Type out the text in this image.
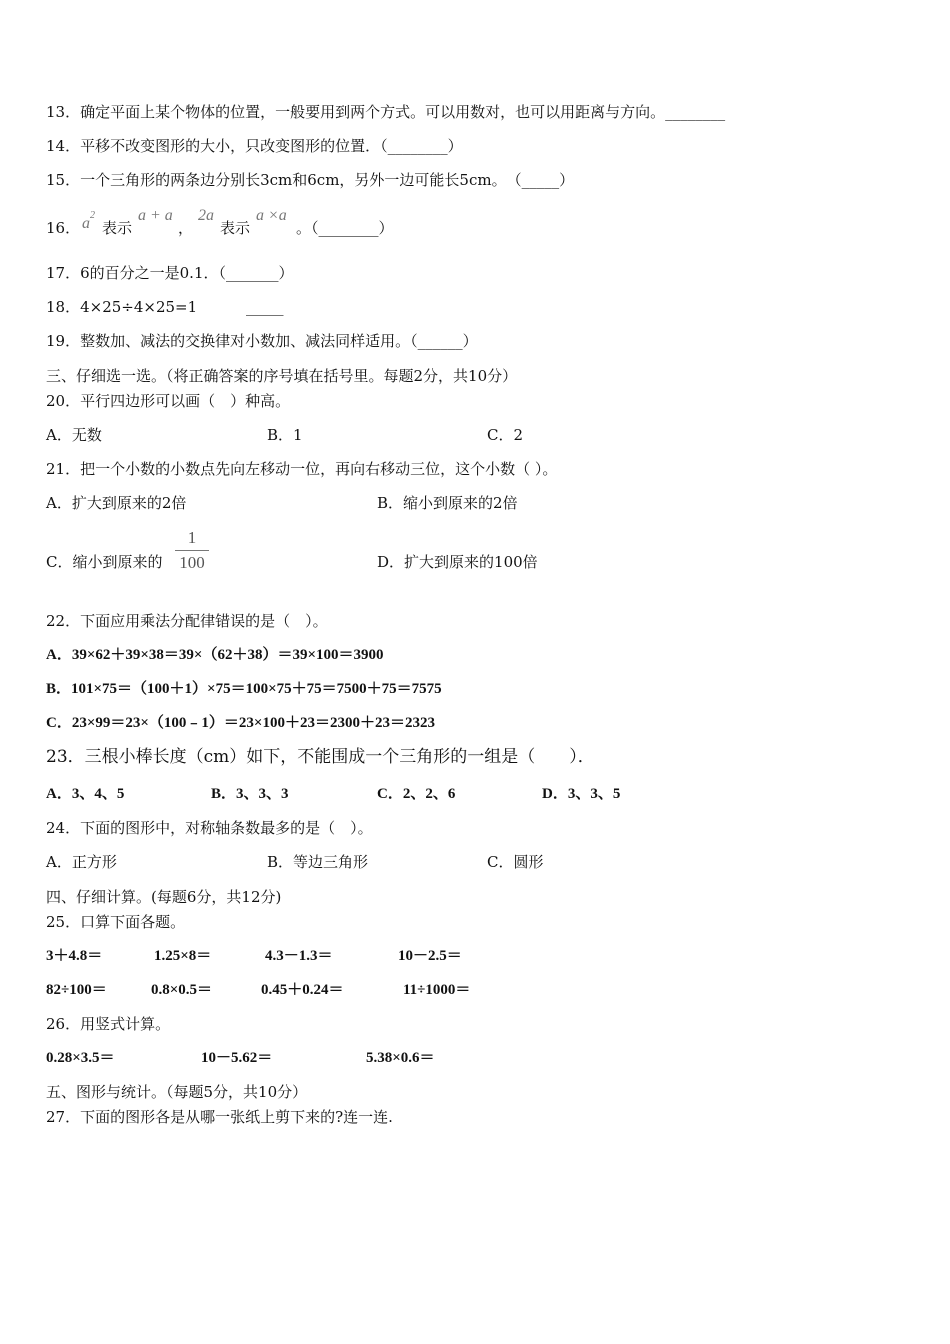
13．确定平面上某个物体的位置，一般要用到两个方式。可以用数对，也可以用距离与方向。________
14．平移不改变图形的大小，只改变图形的位置．（________）
15．一个三角形的两条边分别长3cm和6cm，另外一边可能长5cm。　（_____）
16． $a^2$
表示
a + a
，
2a
表示
a ×a
。（________）
17．6的百分之一是0.1．（_______）
18．4×25÷4×25=1	_____
19．整数加、减法的交换律对小数加、减法同样适用。（______）
三、仔细选一选。（将正确答案的序号填在括号里。每题2分，共10分）
20．平行四边形可以画（　）种高。
A．无数	B．1	C．2
21．把一个小数的小数点先向左移动一位，再向右移动三位，这个小数（ ）。
A．扩大到原来的2倍	B．缩小到原来的2倍
C．缩小到原来的
1
100	D．扩大到原来的100倍
22．下面应用乘法分配律错误的是（　）。
A．39×62＋39×38＝39×（62＋38）＝39×100＝3900
B．101×75＝（100＋1）×75＝100×75＋75＝7500＋75＝7575
C．23×99＝23×（100﹣1）＝23×100＋23＝2300＋23＝2323
23．三根小棒长度（cm）如下，不能围成一个三角形的一组是（　　）．
A．3、4、5	B．3、3、3	C．2、2、6	D．3、3、5
24．下面的图形中，对称轴条数最多的是（　）。
A．正方形	B．等边三角形	C．圆形
四、仔细计算。(每题6分，共12分)
25．口算下面各题。
3＋4.8＝	1.25×8＝	4.3－1.3＝	10－2.5＝
82÷100＝	0.8×0.5＝	0.45＋0.24＝	11÷1000＝
26．用竖式计算。
0.28×3.5＝	10－5.62＝	5.38×0.6＝
五、图形与统计。（每题5分，共10分）
27．下面的图形各是从哪一张纸上剪下来的?连一连.
